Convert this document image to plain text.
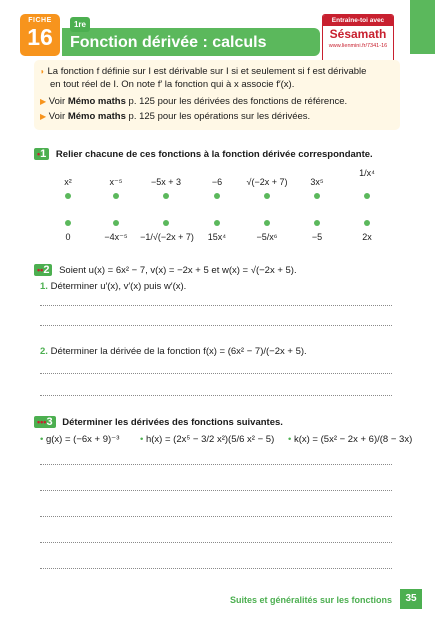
FICHE
16	1re
Fonction dérivée : calculs
Entraîne-toi avec
Sésamath
www.lienmini.fr/7341-16
◗ La fonction f définie sur I est dérivable sur I si et seulement si f est dérivable
en tout réel de I. On note f′ la fonction qui à x associe f′(x).
▶ Voir Mémo maths p. 125 pour les dérivées des fonctions de référence.
▶ Voir Mémo maths p. 125 pour les opérations sur les dérivées.
•1 Relier chacune de ces fonctions à la fonction dérivée correspondante.
x²	x⁻⁵	−5x + 3	−6	√(−2x + 7)	3x⁵
1/x⁴
0	−4x⁻⁵	−1/√(−2x + 7)	15x⁴	−5/x⁶	−5	2x
••2 Soient u(x) = 6x² − 7, v(x) = −2x + 5 et w(x) = √(−2x + 5).
1. Déterminer u′(x), v′(x) puis w′(x).
2. Déterminer la dérivée de la fonction f(x) = (6x² − 7)/(−2x + 5).
•••3 Déterminer les dérivées des fonctions suivantes.
• g(x) = (−6x + 9)⁻³ • h(x) = (2x⁵ − 3/2 x²)(5/6 x² − 5) • k(x) = (5x² − 2x + 6)/(8 − 3x)
Suites et généralités sur les fonctions	35
